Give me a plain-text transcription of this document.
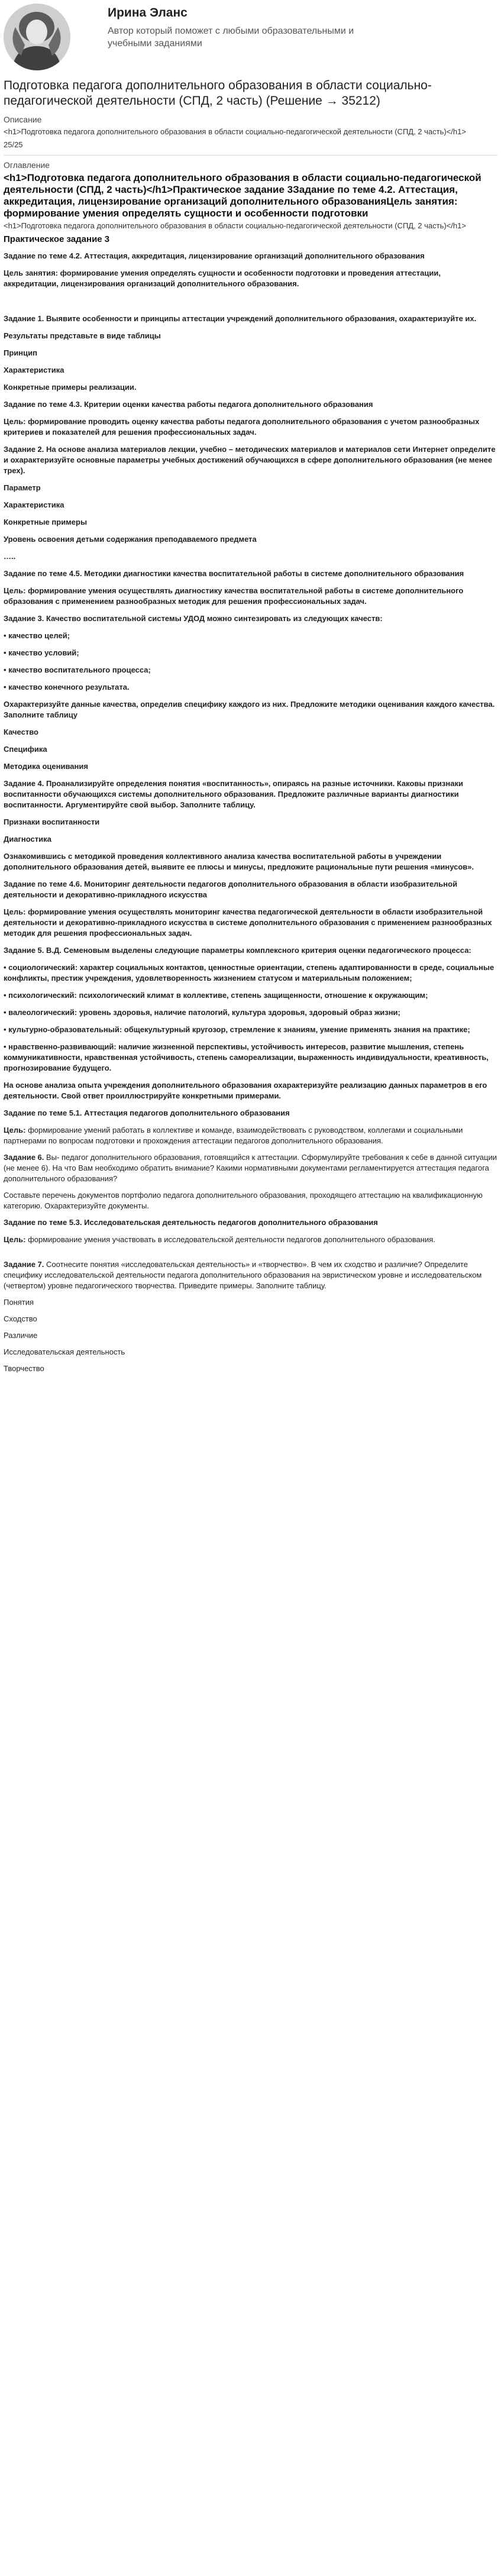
Ирина Эланс
Автор который поможет с любыми образовательными и учебными заданиями
Подготовка педагога дополнительного образования в области социально-педагогической деятельности (СПД, 2 часть) (Решение → 35212)
Описание
<h1>Подготовка педагога дополнительного образования в области социально-педагогической деятельности (СПД, 2 часть)</h1>
25/25
Оглавление
<h1>Подготовка педагога дополнительного образования в области социально-педагогической деятельности (СПД, 2 часть)</h1>Практическое задание 3Задание по теме 4.2. Аттестация, аккредитация, лицензирование организаций дополнительного образованияЦель занятия: формирование умения определять сущности и особенности подготовки
<h1>Подготовка педагога дополнительного образования в области социально-педагогической деятельности (СПД, 2 часть)</h1>
Практическое задание 3
Задание по теме 4.2. Аттестация, аккредитация, лицензирование организаций дополнительного образования
Цель занятия: формирование умения определять сущности и особенности подготовки и проведения аттестации, аккредитации, лицензирования организаций дополнительного образования.
Задание 1. Выявите особенности и принципы аттестации учреждений дополнительного образования, охарактеризуйте их.
Результаты представьте в виде таблицы
Принцип
Характеристика
Конкретные примеры реализации.
Задание по теме 4.3. Критерии оценки качества работы педагога дополнительного образования
Цель: формирование проводить оценку качества работы педагога дополнительного образования с учетом разнообразных критериев и показателей для решения профессиональных задач.
Задание 2. На основе анализа материалов лекции, учебно – методических материалов и материалов сети Интернет определите и охарактеризуйте основные параметры учебных достижений обучающихся в сфере дополнительного образования (не менее трех).
Параметр
Характеристика
Конкретные примеры
Уровень освоения детьми содержания преподаваемого предмета
…..
Задание по теме 4.5. Методики диагностики качества воспитательной работы в системе дополнительного образования
Цель: формирование умения осуществлять диагностику качества воспитательной работы в системе дополнительного образования с применением разнообразных методик для решения профессиональных задач.
Задание 3. Качество воспитательной системы УДОД можно синтезировать из следующих качеств:
• качество целей;
• качество условий;
• качество воспитательного процесса;
• качество конечного результата.
Охарактеризуйте данные качества, определив специфику каждого из них. Предложите методики оценивания каждого качества. Заполните таблицу
Качество
Специфика
Методика оценивания
Задание 4. Проанализируйте определения понятия «воспитанность», опираясь на разные источники. Каковы признаки воспитанности обучающихся системы дополнительного образования. Предложите различные варианты диагностики воспитанности. Аргументируйте свой выбор. Заполните таблицу.
Признаки воспитанности
Диагностика
Ознакомившись с методикой проведения коллективного анализа качества воспитательной работы в учреждении дополнительного образования детей, выявите ее плюсы и минусы, предложите рациональные пути решения «минусов».
Задание по теме 4.6. Мониторинг деятельности педагогов дополнительного образования в области изобразительной деятельности и декоративно-прикладного искусства
Цель: формирование умения осуществлять мониторинг качества педагогической деятельности в области изобразительной деятельности и декоративно-прикладного искусства в системе дополнительного образования с применением разнообразных методик для решения профессиональных задач.
Задание 5. В.Д. Семеновым выделены следующие параметры комплексного критерия оценки педагогического процесса:
• социологический: характер социальных контактов, ценностные ориентации, степень адаптированности в среде, социальные конфликты, престиж учреждения, удовлетворенность жизнением статусом и материальным положением;
• психологический: психологический климат в коллективе, степень защищенности, отношение к окружающим;
• валеологический: уровень здоровья, наличие патологий, культура здоровья, здоровый образ жизни;
• культурно-образовательный: общекультурный кругозор, стремление к знаниям, умение применять знания на практике;
• нравственно-развивающий: наличие жизненной перспективы, устойчивость интересов, развитие мышления, степень коммуникативности, нравственная устойчивость, степень самореализации, выраженность индивидуальности, креативность, прогнозирование будущего.
На основе анализа опыта учреждения дополнительного образования охарактеризуйте реализацию данных параметров в его деятельности. Свой ответ проиллюстрируйте конкретными примерами.
Задание по теме 5.1. Аттестация педагогов дополнительного образования
Цель: формирование умений работать в коллективе и команде, взаимодействовать с руководством, коллегами и социальными партнерами по вопросам подготовки и прохождения аттестации педагогов дополнительного образования.
Задание 6. Вы- педагог дополнительного образования, готовящийся к аттестации. Сформулируйте требования к себе в данной ситуации (не менее 6). На что Вам необходимо обратить внимание? Какими нормативными документами регламентируется аттестация педагога дополнительного образования?
Составьте перечень документов портфолио педагога дополнительного образования, проходящего аттестацию на квалификационную категорию. Охарактеризуйте документы.
Задание по теме 5.3. Исследовательская деятельность педагогов дополнительного образования
Цель: формирование умения участвовать в исследовательской деятельности педагогов дополнительного образования.
Задание 7. Соотнесите понятия «исследовательская деятельность» и «творчество». В чем их сходство и различие? Определите специфику исследовательской деятельности педагога дополнительного образования на эвристическом уровне и исследовательском (четвертом) уровне педагогического творчества. Приведите примеры. Заполните таблицу.
Понятия
Сходство
Различие
Исследовательская деятельность
Творчество
